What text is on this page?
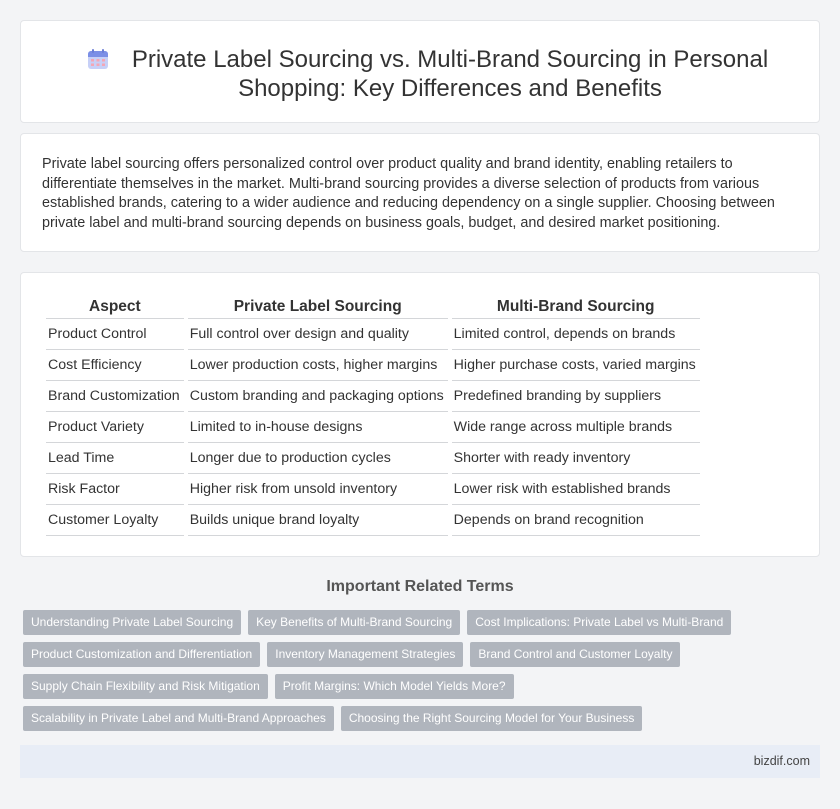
Private Label Sourcing vs. Multi-Brand Sourcing in Personal Shopping: Key Differences and Benefits

Private label sourcing offers personalized control over product quality and brand identity, enabling retailers to differentiate themselves in the market. Multi-brand sourcing provides a diverse selection of products from various established brands, catering to a wider audience and reducing dependency on a single supplier. Choosing between private label and multi-brand sourcing depends on business goals, budget, and desired market positioning.

Aspect	Private Label Sourcing	Multi-Brand Sourcing
Product Control	Full control over design and quality	Limited control, depends on brands
Cost Efficiency	Lower production costs, higher margins	Higher purchase costs, varied margins
Brand Customization	Custom branding and packaging options	Predefined branding by suppliers
Product Variety	Limited to in-house designs	Wide range across multiple brands
Lead Time	Longer due to production cycles	Shorter with ready inventory
Risk Factor	Higher risk from unsold inventory	Lower risk with established brands
Customer Loyalty	Builds unique brand loyalty	Depends on brand recognition
Important Related Terms
Understanding Private Label Sourcing	Key Benefits of Multi-Brand Sourcing	Cost Implications: Private Label vs Multi-Brand
Product Customization and Differentiation	Inventory Management Strategies	Brand Control and Customer Loyalty
Supply Chain Flexibility and Risk Mitigation	Profit Margins: Which Model Yields More?
Scalability in Private Label and Multi-Brand Approaches	Choosing the Right Sourcing Model for Your Business
bizdif.com
